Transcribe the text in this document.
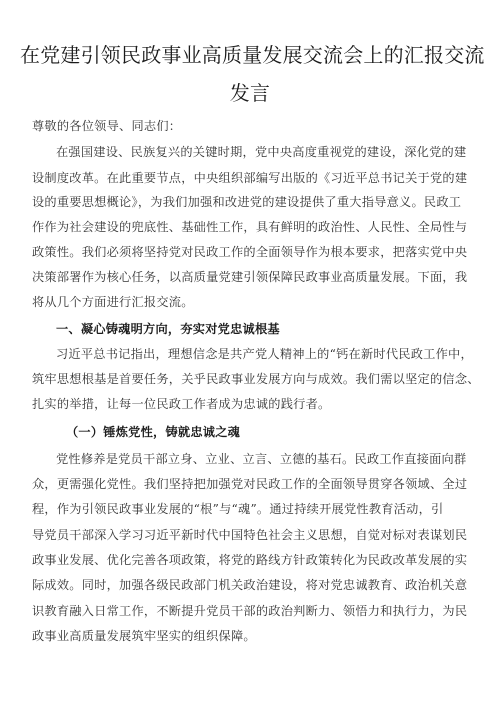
在党建引领民政事业高质量发展交流会上的汇报交流
发言
尊敬的各位领导、同志们：
在强国建设、民族复兴的关键时期，党中央高度重视党的建设，深化党的建
设制度改革。在此重要节点，中央组织部编写出版的《习近平总书记关于党的建
设的重要思想概论》，为我们加强和改进党的建设提供了重大指导意义。民政工
作作为社会建设的兜底性、基础性工作，具有鲜明的政治性、人民性、全局性与
政策性。我们必须将坚持党对民政工作的全面领导作为根本要求，把落实党中央
决策部署作为核心任务，以高质量党建引领保障民政事业高质量发展。下面，我
将从几个方面进行汇报交流。
一、凝心铸魂明方向，夯实对党忠诚根基
习近平总书记指出，理想信念是共产党人精神上的“钙在新时代民政工作中，
筑牢思想根基是首要任务，关乎民政事业发展方向与成效。我们需以坚定的信念、
扎实的举措，让每一位民政工作者成为忠诚的践行者。
（一）锤炼党性，铸就忠诚之魂
党性修养是党员干部立身、立业、立言、立德的基石。民政工作直接面向群
众，更需强化党性。我们坚持把加强党对民政工作的全面领导贯穿各领域、全过
程，作为引领民政事业发展的“根”与“魂”。通过持续开展党性教育活动，引
导党员干部深入学习习近平新时代中国特色社会主义思想，自觉对标对表谋划民
政事业发展、优化完善各项政策，将党的路线方针政策转化为民政改革发展的实
际成效。同时，加强各级民政部门机关政治建设，将对党忠诚教育、政治机关意
识教育融入日常工作，不断提升党员干部的政治判断力、领悟力和执行力，为民
政事业高质量发展筑牢坚实的组织保障。
